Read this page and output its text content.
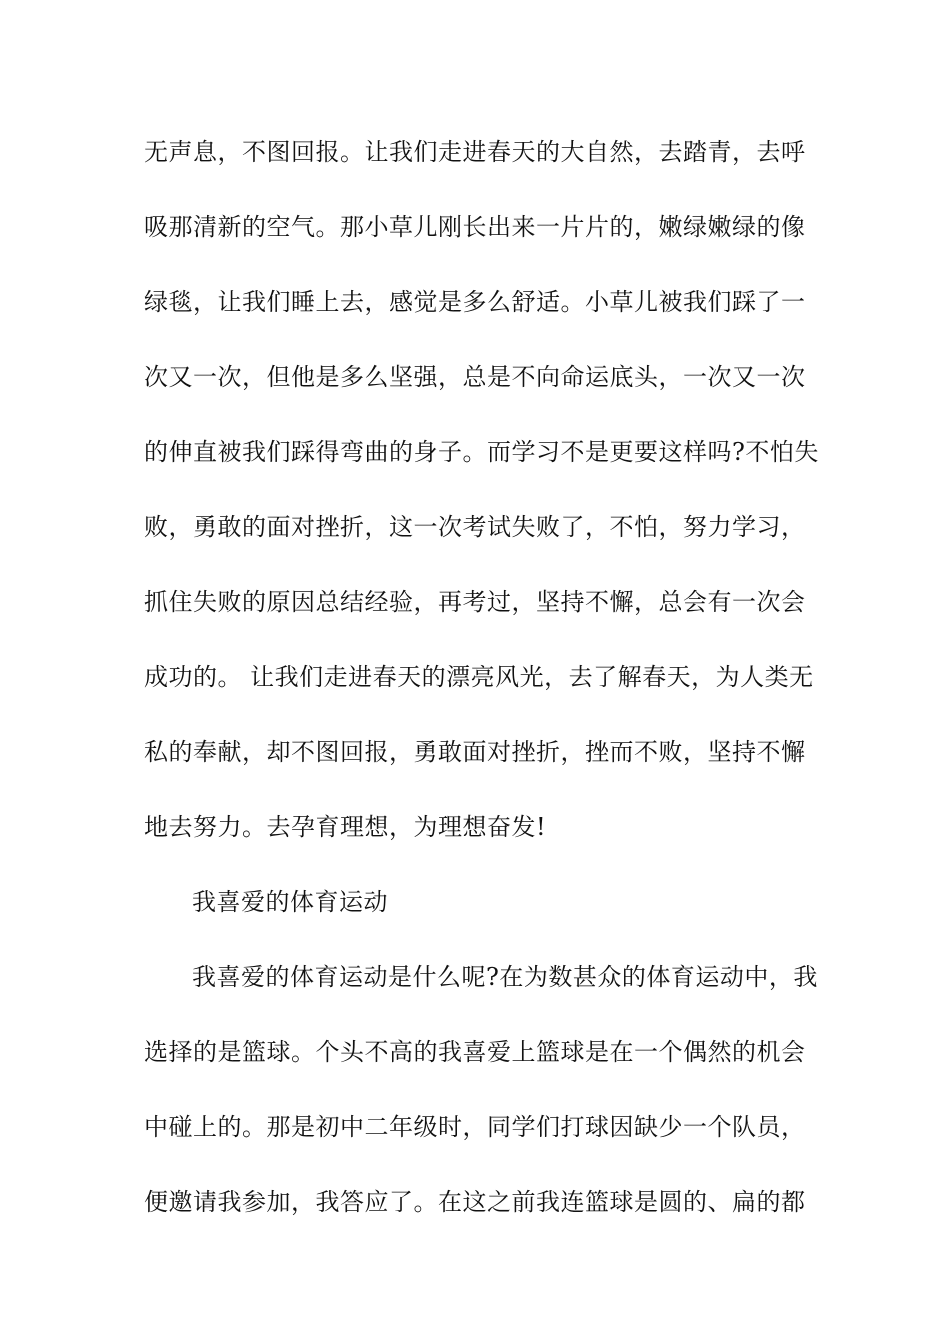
无声息，不图回报。让我们走进春天的大自然，去踏青，去呼
吸那清新的空气。那小草儿刚长出来一片片的，嫩绿嫩绿的像
绿毯，让我们睡上去，感觉是多么舒适。小草儿被我们踩了一
次又一次，但他是多么坚强，总是不向命运底头，一次又一次
的伸直被我们踩得弯曲的身子。而学习不是更要这样吗?不怕失
败，勇敢的面对挫折，这一次考试失败了，不怕，努力学习，
抓住失败的原因总结经验，再考过，坚持不懈，总会有一次会
成功的。 让我们走进春天的漂亮风光，去了解春天，为人类无
私的奉献，却不图回报，勇敢面对挫折，挫而不败，坚持不懈
地去努力。去孕育理想，为理想奋发!
我喜爱的体育运动
我喜爱的体育运动是什么呢?在为数甚众的体育运动中，我
选择的是篮球。个头不高的我喜爱上篮球是在一个偶然的机会
中碰上的。那是初中二年级时，同学们打球因缺少一个队员，
便邀请我参加，我答应了。在这之前我连篮球是圆的、扁的都
